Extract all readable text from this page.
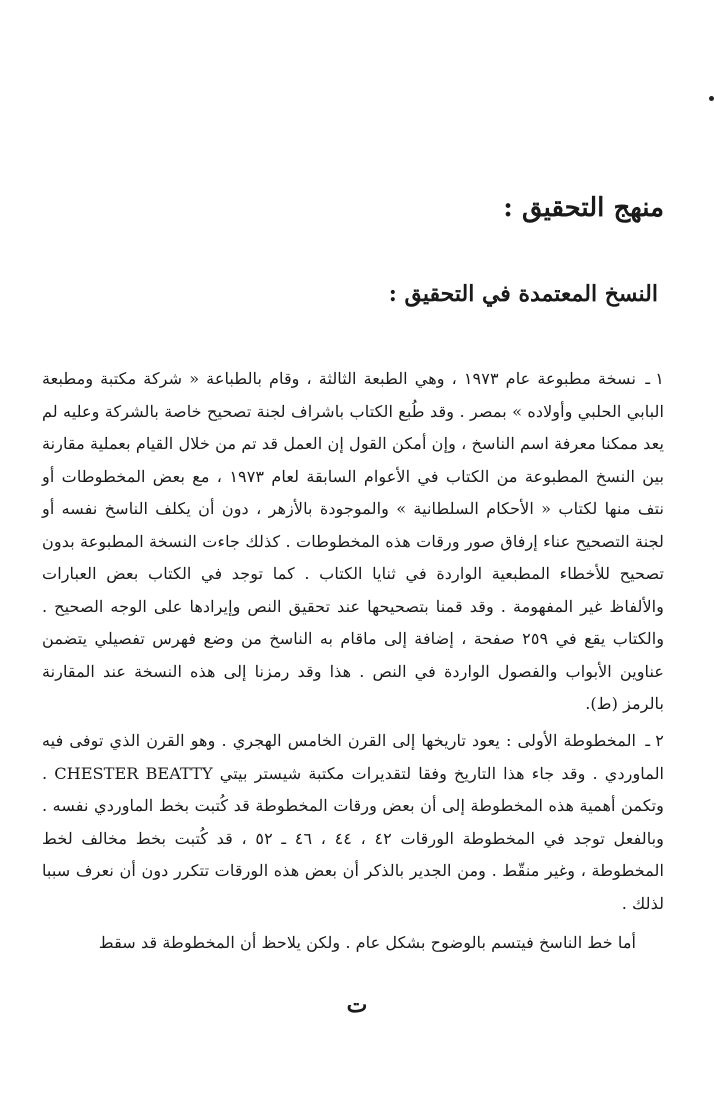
منهج التحقيق :
النسخ المعتمدة في التحقيق :

١ ـنسخة مطبوعة عام ١٩٧٣ ، وهي الطبعة الثالثة ، وقام بالطباعة « شركة مكتبة ومطبعة البابي الحلبي وأولاده » بمصر . وقد طُبع الكتاب باشراف لجنة تصحيح خاصة بالشركة وعليه لم يعد ممكنا معرفة اسم الناسخ ، وإن أمكن القول إن العمل قد تم من خلال القيام بعملية مقارنة بين النسخ المطبوعة من الكتاب في الأعوام السابقة لعام ١٩٧٣ ، مع بعض المخطوطات أو نتف منها لكتاب « الأحكام السلطانية » والموجودة بالأزهر ، دون أن يكلف الناسخ نفسه أو لجنة التصحيح عناء إرفاق صور ورقات هذه المخطوطات . كذلك جاءت النسخة المطبوعة بدون تصحيح للأخطاء المطبعية الواردة في ثنايا الكتاب . كما توجد في الكتاب بعض العبارات والألفاظ غير المفهومة . وقد قمنا بتصحيحها عند تحقيق النص وإيرادها على الوجه الصحيح . والكتاب يقع في ٢٥٩ صفحة ، إضافة إلى ماقام به الناسخ من وضع فهرس تفصيلي يتضمن عناوين الأبواب والفصول الواردة في النص . هذا وقد رمزنا إلى هذه النسخة عند المقارنة بالرمز (ط).

٢ ـالمخطوطة الأولى : يعود تاريخها إلى القرن الخامس الهجري . وهو القرن الذي توفى فيه الماوردي . وقد جاء هذا التاريخ وفقا لتقديرات مكتبة شيستر بيتي CHESTER BEATTY . وتكمن أهمية هذه المخطوطة إلى أن بعض ورقات المخطوطة قد كُتبت بخط الماوردي نفسه . وبالفعل توجد في المخطوطة الورقات ٤٢ ، ٤٤ ، ٤٦ ـ ٥٢ ، قد كُتبت بخط مخالف لخط المخطوطة ، وغير منقّط . ومن الجدير بالذكر أن بعض هذه الورقات تتكرر دون أن نعرف سببا لذلك .

أما خط الناسخ فيتسم بالوضوح بشكل عام . ولكن يلاحظ أن المخطوطة قد سقط

ت
